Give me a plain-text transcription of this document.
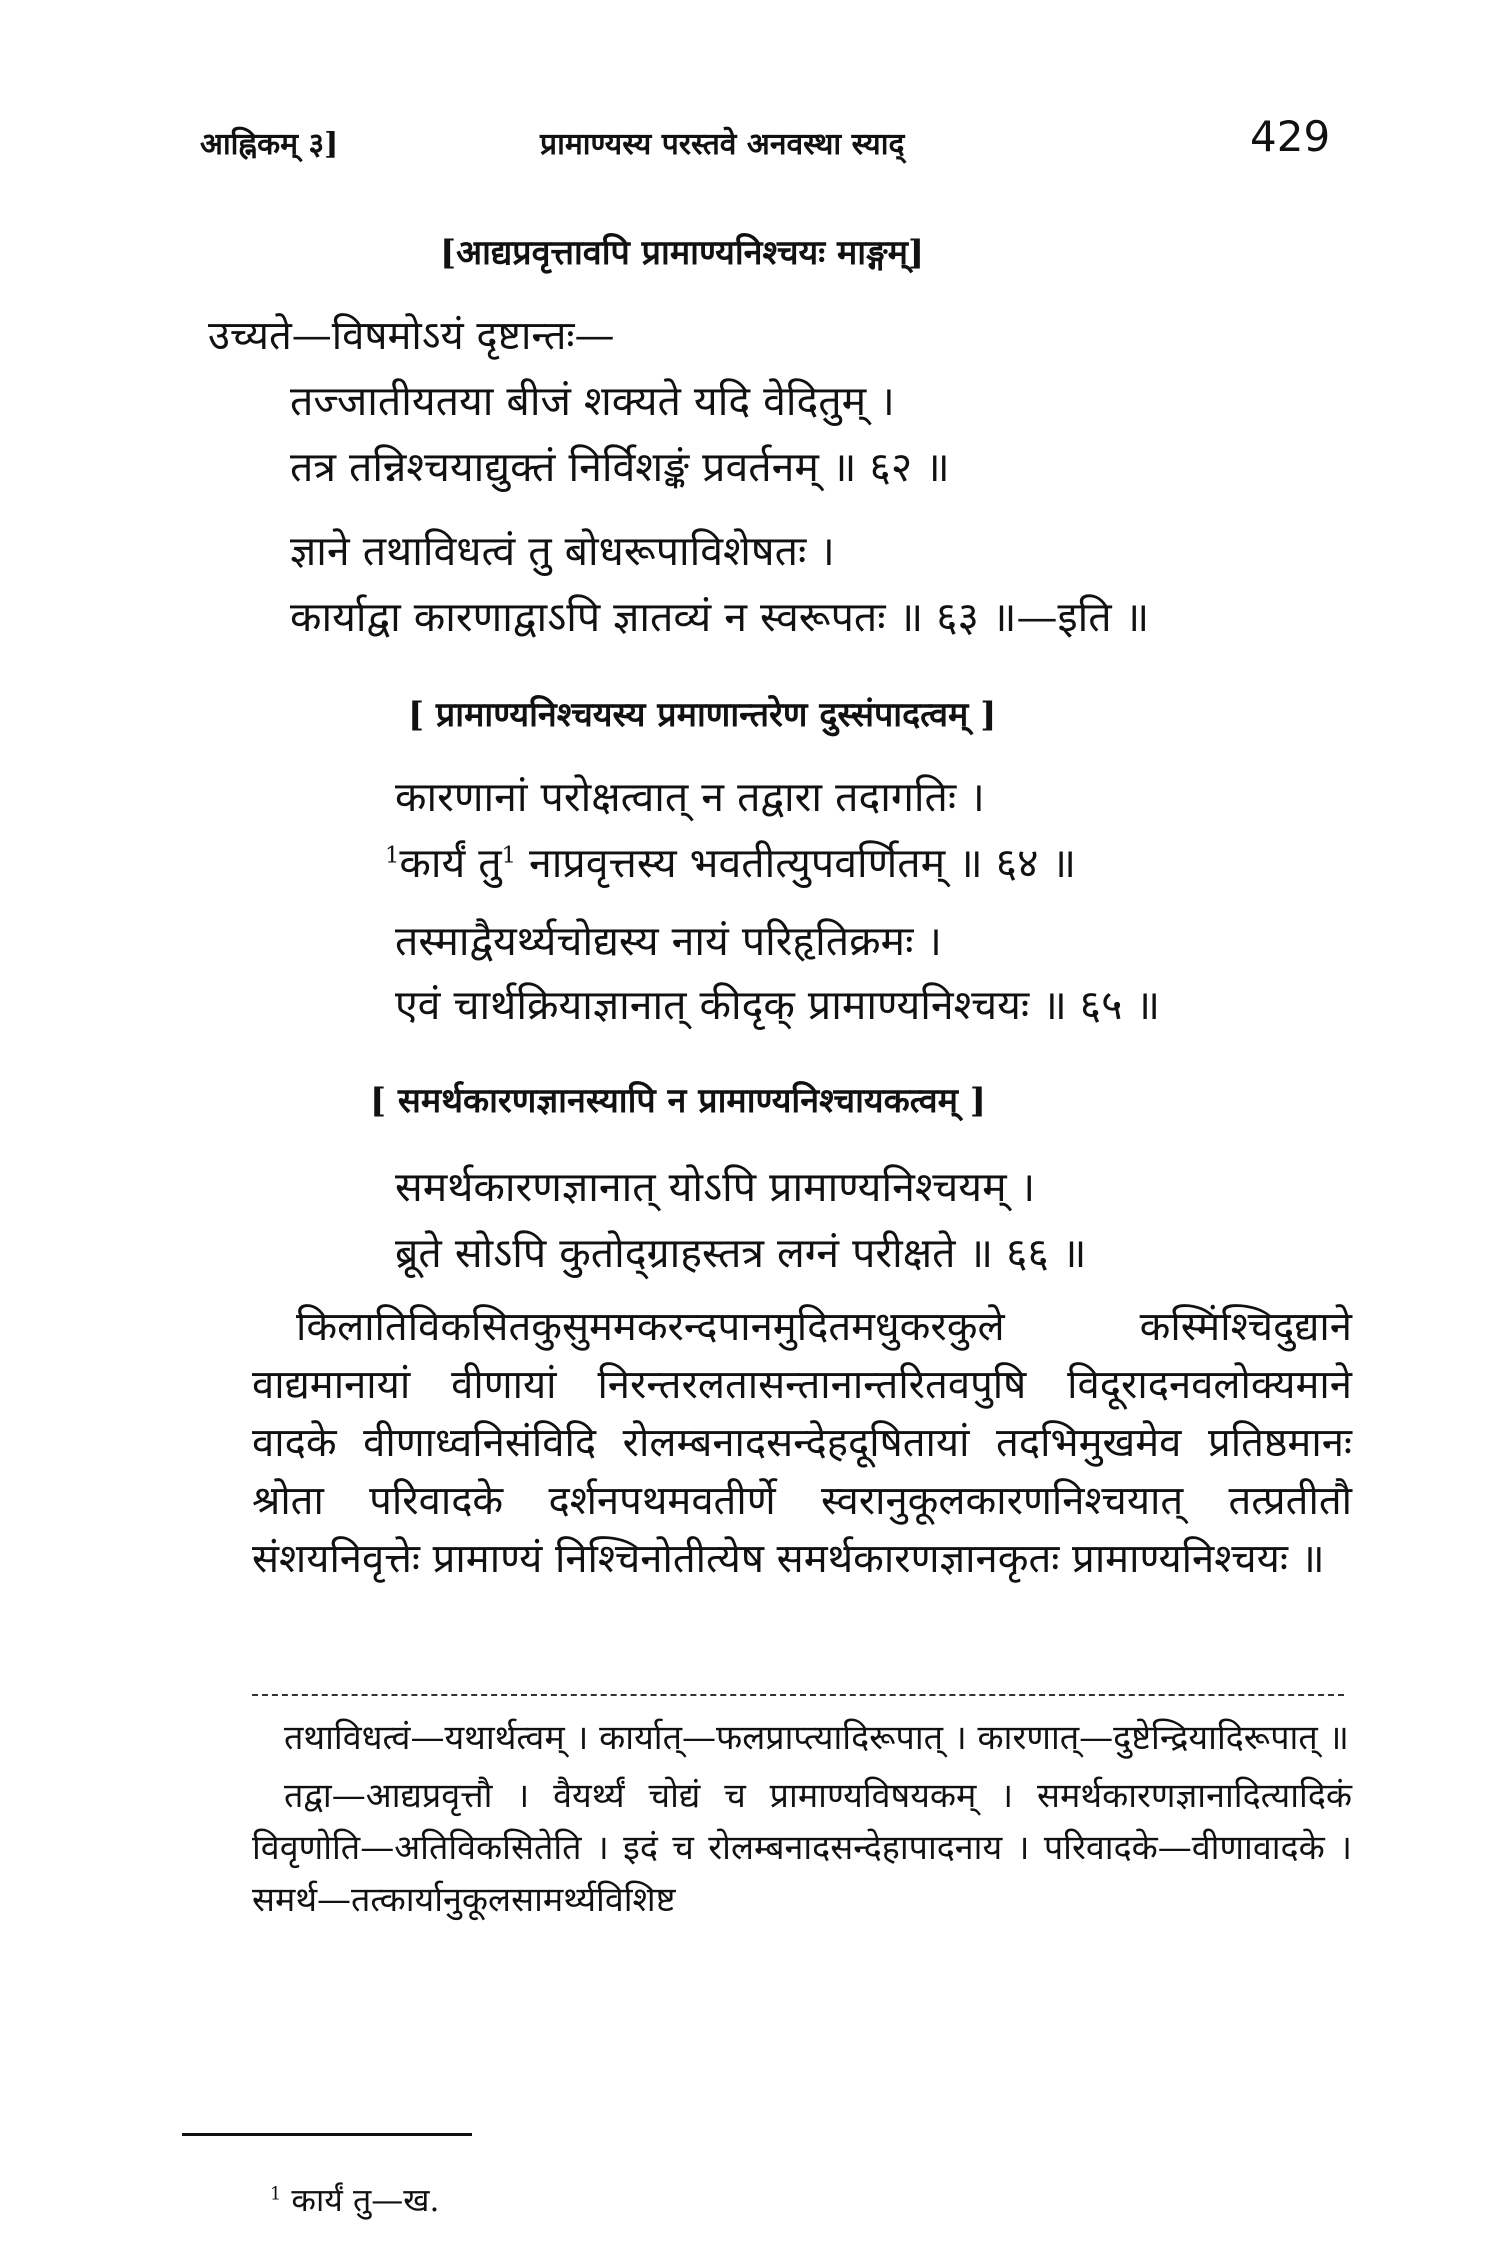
आह्निकम् ३]	प्रामाण्यस्य परस्तवे अनवस्था स्याद्	429
[आद्यप्रवृत्तावपि प्रामाण्यनिश्चयः माङ्गम्]
उच्यते—विषमोऽयं दृष्टान्तः—
तज्जातीयतया बीजं शक्यते यदि वेदितुम् ।
तत्र तन्निश्चयाद्युक्तं निर्विशङ्कं प्रवर्तनम् ॥ ६२ ॥
ज्ञाने तथाविधत्वं तु बोधरूपाविशेषतः ।
कार्याद्वा कारणाद्वाऽपि ज्ञातव्यं न स्वरूपतः ॥ ६३ ॥—इति ॥
[ प्रामाण्यनिश्चयस्य प्रमाणान्तरेण दुस्संपादत्वम् ]
कारणानां परोक्षत्वात् न तद्वारा तदागतिः ।
$^1$कार्यं तु$^1$ नाप्रवृत्तस्य भवतीत्युपवर्णितम् ॥ ६४ ॥
तस्माद्वैयर्थ्यचोद्यस्य नायं परिहृतिक्रमः ।
एवं चार्थक्रियाज्ञानात् कीदृक् प्रामाण्यनिश्चयः ॥ ६५ ॥
[ समर्थकारणज्ञानस्यापि न प्रामाण्यनिश्चायकत्वम् ]
समर्थकारणज्ञानात् योऽपि प्रामाण्यनिश्चयम् ।
ब्रूते सोऽपि कुतोद्ग्राहस्तत्र लग्नं परीक्षते ॥ ६६ ॥

किलातिविकसितकुसुममकरन्दपानमुदितमधुकरकुले कस्मिंश्चिदुद्याने वाद्यमानायां वीणायां निरन्तरलतासन्तानान्तरितवपुषि विदूरादनवलोक्यमाने वादके वीणाध्वनिसंविदि रोलम्बनादसन्देहदूषितायां तदभिमुखमेव प्रतिष्ठमानः श्रोता परिवादके दर्शनपथमवतीर्णे स्वरानुकूलकारणनिश्चयात् तत्प्रतीतौ संशयनिवृत्तेः प्रामाण्यं निश्चिनोतीत्येष समर्थकारणज्ञानकृतः प्रामाण्यनिश्चयः ॥

तथाविधत्वं—यथार्थत्वम् । कार्यात्—फलप्राप्त्यादिरूपात् । कारणात्—दुष्टेन्द्रियादिरूपात् ॥

तद्वा—आद्यप्रवृत्तौ । वैयर्थ्यं चोद्यं च प्रामाण्यविषयकम् । समर्थकारणज्ञानादित्यादिकं विवृणोति—अतिविकसितेति । इदं च रोलम्बनादसन्देहापादनाय । परिवादके—वीणावादके । समर्थ—तत्कार्यानुकूलसामर्थ्यविशिष्ट

$^1$ कार्यं तु—ख.
